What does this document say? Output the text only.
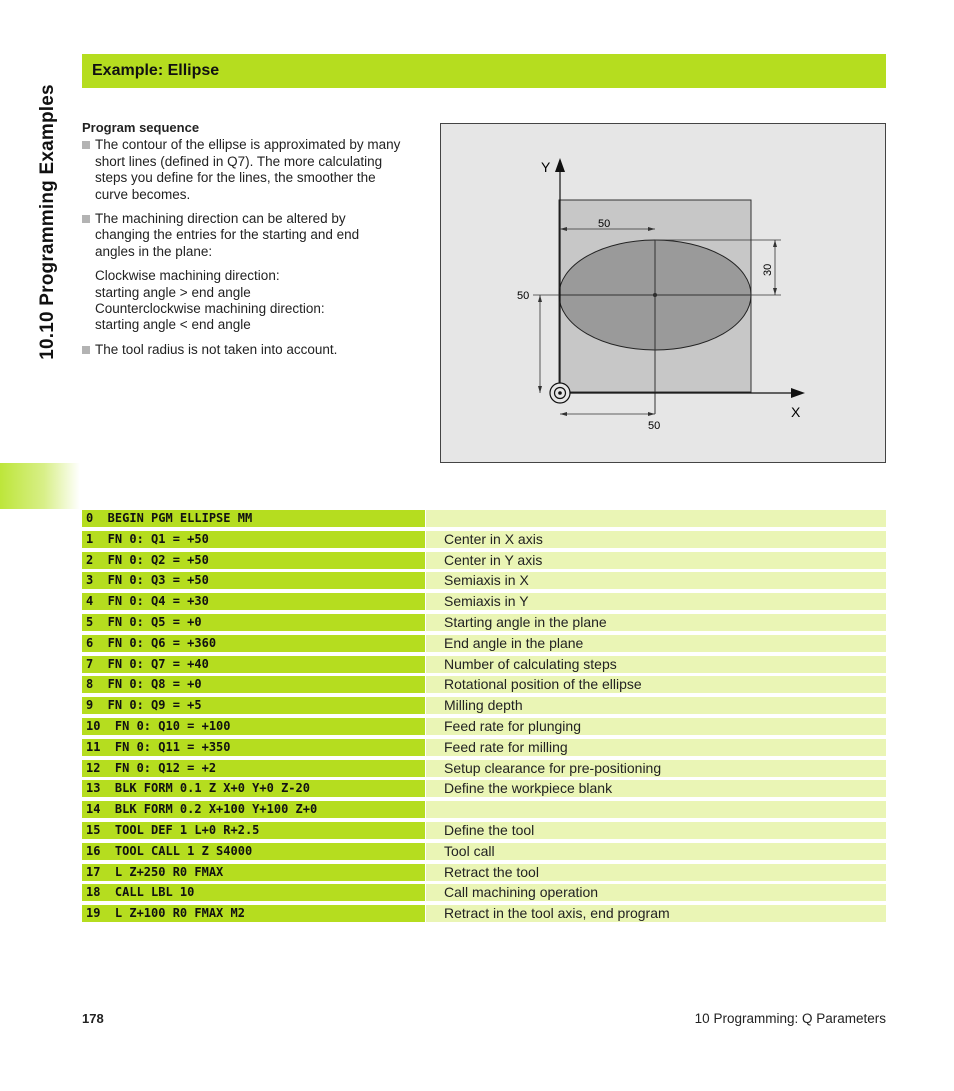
10.10 Programming Examples
Example: Ellipse
Program sequence
The contour of the ellipse is approximated by many short lines (defined in Q7). The more calculating steps you define for the lines, the smoother the curve becomes.
The machining direction can be altered by changing the entries for the starting and end angles in the plane:
Clockwise machining direction:
starting angle > end angle
Counterclockwise machining direction:
starting angle < end angle
The tool radius is not taken into account.
Y
X
50
30
50
50
0  BEGIN PGM ELLIPSE MM
1  FN 0: Q1 = +50	Center in X axis
2  FN 0: Q2 = +50	Center in Y axis
3  FN 0: Q3 = +50	Semiaxis in X
4  FN 0: Q4 = +30	Semiaxis in Y
5  FN 0: Q5 = +0	Starting angle in the plane
6  FN 0: Q6 = +360	End angle in the plane
7  FN 0: Q7 = +40	Number of calculating steps
8  FN 0: Q8 = +0	Rotational position of the ellipse
9  FN 0: Q9 = +5	Milling depth
10  FN 0: Q10 = +100	Feed rate for plunging
11  FN 0: Q11 = +350	Feed rate for milling
12  FN 0: Q12 = +2	Setup clearance for pre-positioning
13  BLK FORM 0.1 Z X+0 Y+0 Z-20	Define the workpiece blank
14  BLK FORM 0.2 X+100 Y+100 Z+0
15  TOOL DEF 1 L+0 R+2.5	Define the tool
16  TOOL CALL 1 Z S4000	Tool call
17  L Z+250 R0 FMAX	Retract the tool
18  CALL LBL 10	Call machining operation
19  L Z+100 R0 FMAX M2	Retract in the tool axis, end program
178	10 Programming: Q Parameters
